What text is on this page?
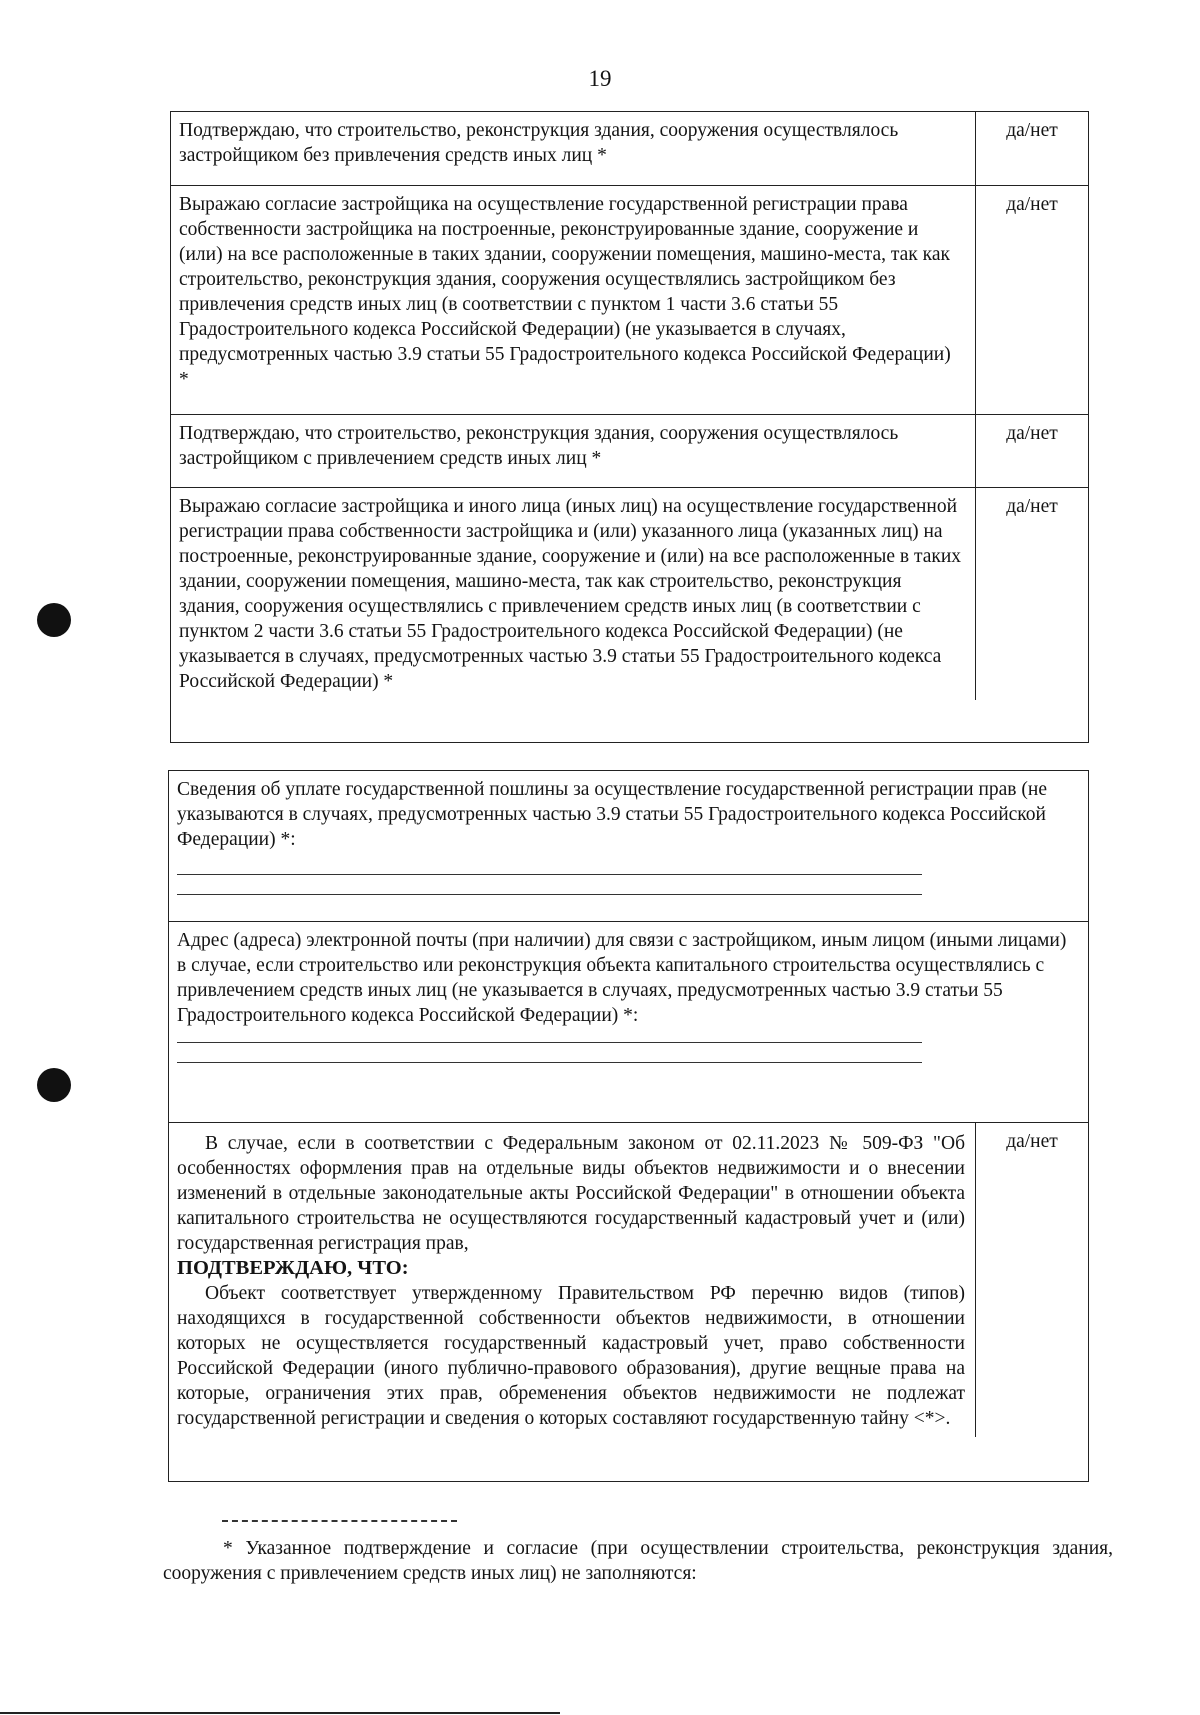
19
Подтверждаю, что строительство, реконструкция здания, сооружения осуществлялось застройщиком без привлечения средств иных лиц *
да/нет
Выражаю согласие застройщика на осуществление государственной регистрации права собственности застройщика на построенные, реконструированные здание, сооружение и (или) на все расположенные в таких здании, сооружении помещения, машино-места, так как строительство, реконструкция здания, сооружения осуществлялись застройщиком без привлечения средств иных лиц (в соответствии с пунктом 1 части 3.6 статьи 55 Градостроительного кодекса Российской Федерации) (не указывается в случаях, предусмотренных частью 3.9 статьи 55 Градостроительного кодекса Российской Федерации) *
да/нет
Подтверждаю, что строительство, реконструкция здания, сооружения осуществлялось застройщиком с привлечением средств иных лиц *
да/нет
Выражаю согласие застройщика и иного лица (иных лиц) на осуществление государственной регистрации права собственности застройщика и (или) указанного лица (указанных лиц) на построенные, реконструированные здание, сооружение и (или) на все расположенные в таких здании, сооружении помещения, машино-места, так как строительство, реконструкция здания, сооружения осуществлялись с привлечением средств иных лиц (в соответствии с пунктом 2 части 3.6 статьи 55 Градостроительного кодекса Российской Федерации) (не указывается в случаях, предусмотренных частью 3.9 статьи 55 Градостроительного кодекса Российской Федерации) *
да/нет
Сведения об уплате государственной пошлины за осуществление государственной регистрации прав (не указываются в случаях, предусмотренных частью 3.9 статьи 55 Градостроительного кодекса Российской Федерации) *:
Адрес (адреса) электронной почты (при наличии) для связи с застройщиком, иным лицом (иными лицами) в случае, если строительство или реконструкция объекта капитального строительства осуществлялись с привлечением средств иных лиц (не указывается в случаях, предусмотренных частью 3.9 статьи 55 Градостроительного кодекса Российской Федерации) *:
В случае, если в соответствии с Федеральным законом от 02.11.2023 № 509-ФЗ "Об особенностях оформления прав на отдельные виды объектов недвижимости и о внесении изменений в отдельные законодательные акты Российской Федерации" в отношении объекта капитального строительства не осуществляются государственный кадастровый учет и (или) государственная регистрация прав,
ПОДТВЕРЖДАЮ, ЧТО:
Объект соответствует утвержденному Правительством РФ перечню видов (типов) находящихся в государственной собственности объектов недвижимости, в отношении которых не осуществляется государственный кадастровый учет, право собственности Российской Федерации (иного публично-правового образования), другие вещные права на которые, ограничения этих прав, обременения объектов недвижимости не подлежат государственной регистрации и сведения о которых составляют государственную тайну <*>.
да/нет
* Указанное подтверждение и согласие (при осуществлении строительства, реконструкция здания, сооружения с привлечением средств иных лиц) не заполняются:
